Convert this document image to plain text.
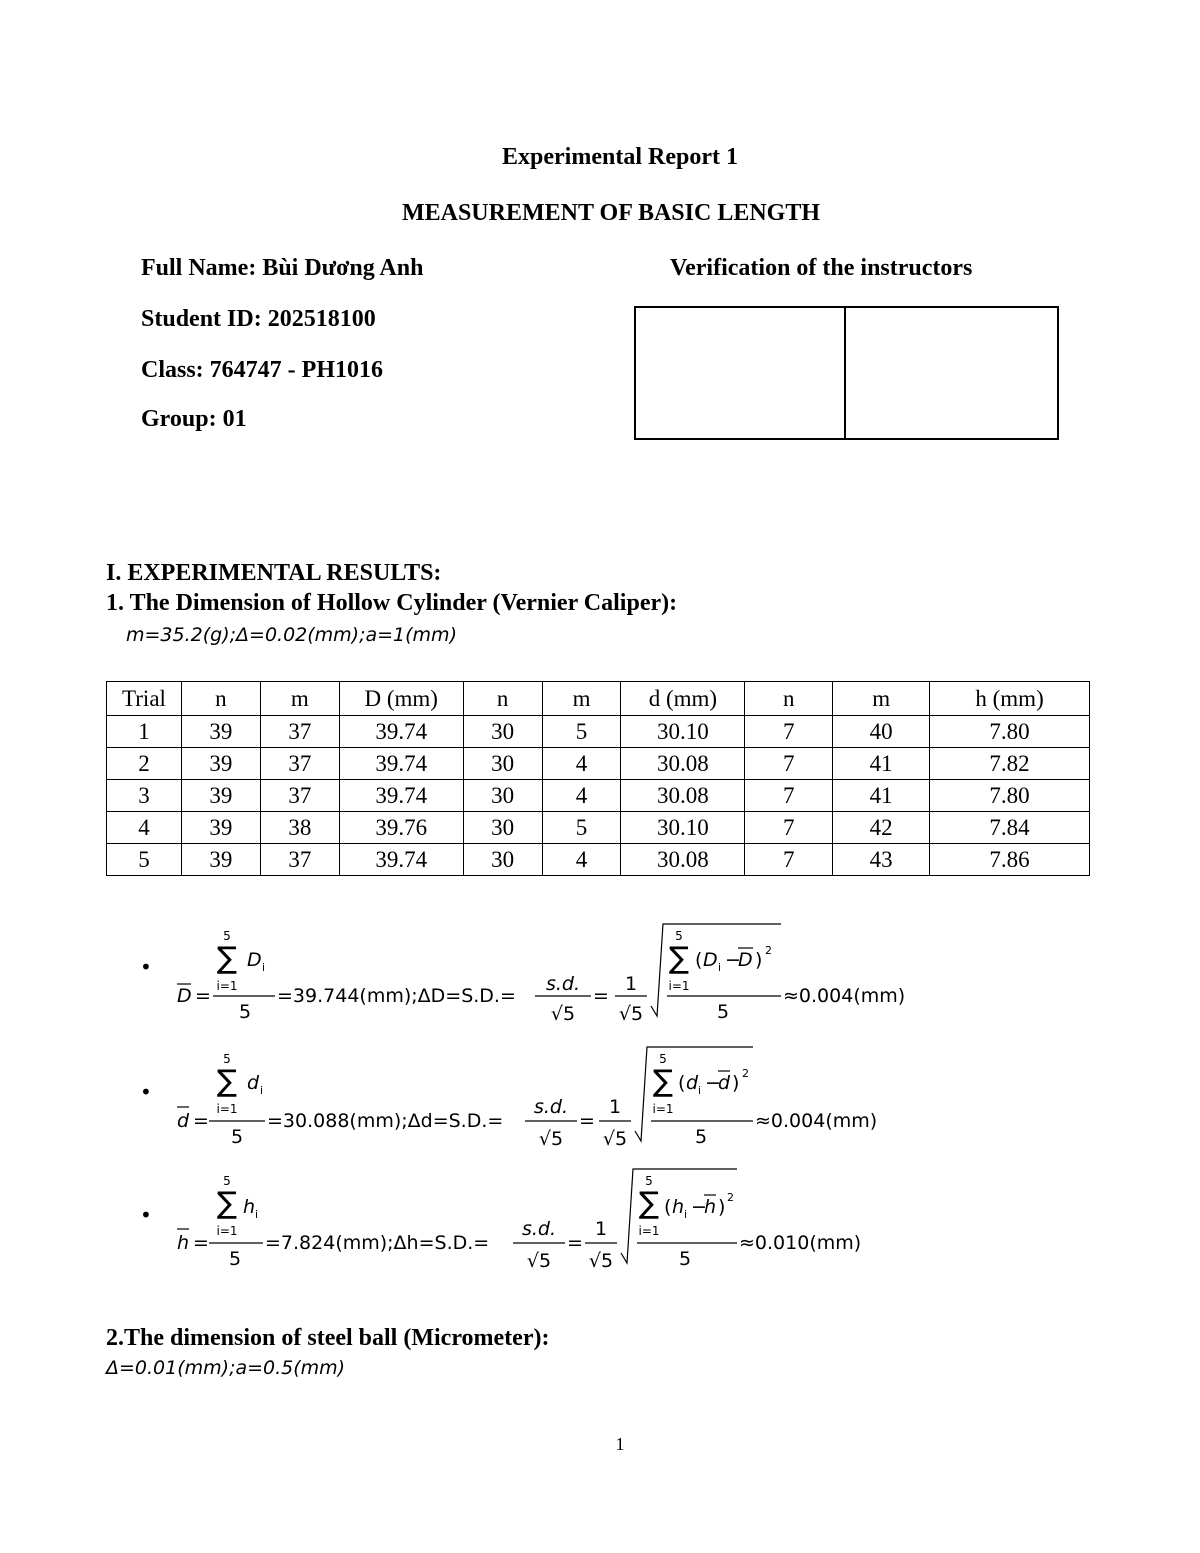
Experimental Report 1
MEASUREMENT OF BASIC LENGTH
Full Name: Bùi Dương Anh
Student ID: 202518100
Class: 764747 - PH1016
Group: 01
Verification of the instructors
I. EXPERIMENTAL RESULTS:
1. The Dimension of Hollow Cylinder (Vernier Caliper):
m=35.2(g);Δ=0.02(mm);a=1(mm)
Trial	n	m	D (mm)	n	m	d (mm)	n	m	h (mm)
1	39	37	39.74	30	5	30.10	7	40	7.80
2	39	37	39.74	30	4	30.08	7	41	7.82
3	39	37	39.74	30	4	30.08	7	41	7.80
4	39	38	39.76	30	5	30.10	7	42	7.84
5	39	37	39.74	30	4	30.08	7	43	7.86
•
5
∑ D i
i=1
D =
5
=39.744(mm);ΔD=S.D.=
s.d.
√5
=
1
√5
5
∑
i=1
( D i −
D ) 2
5
≈0.004(mm)
•
5
∑ d i
i=1
d =
5
=30.088(mm);Δd=S.D.=
s.d.
√5
=
1
√5
5
∑
i=1
( d i −
d ) 2
5
≈0.004(mm)
•
5
∑ h i
i=1
h =
5
=7.824(mm);Δh=S.D.=
s.d.
√5
=
1
√5
5
∑
i=1
( h i −
h ) 2
5
≈0.010(mm)
2.The dimension of steel ball (Micrometer):
Δ=0.01(mm);a=0.5(mm)
1
